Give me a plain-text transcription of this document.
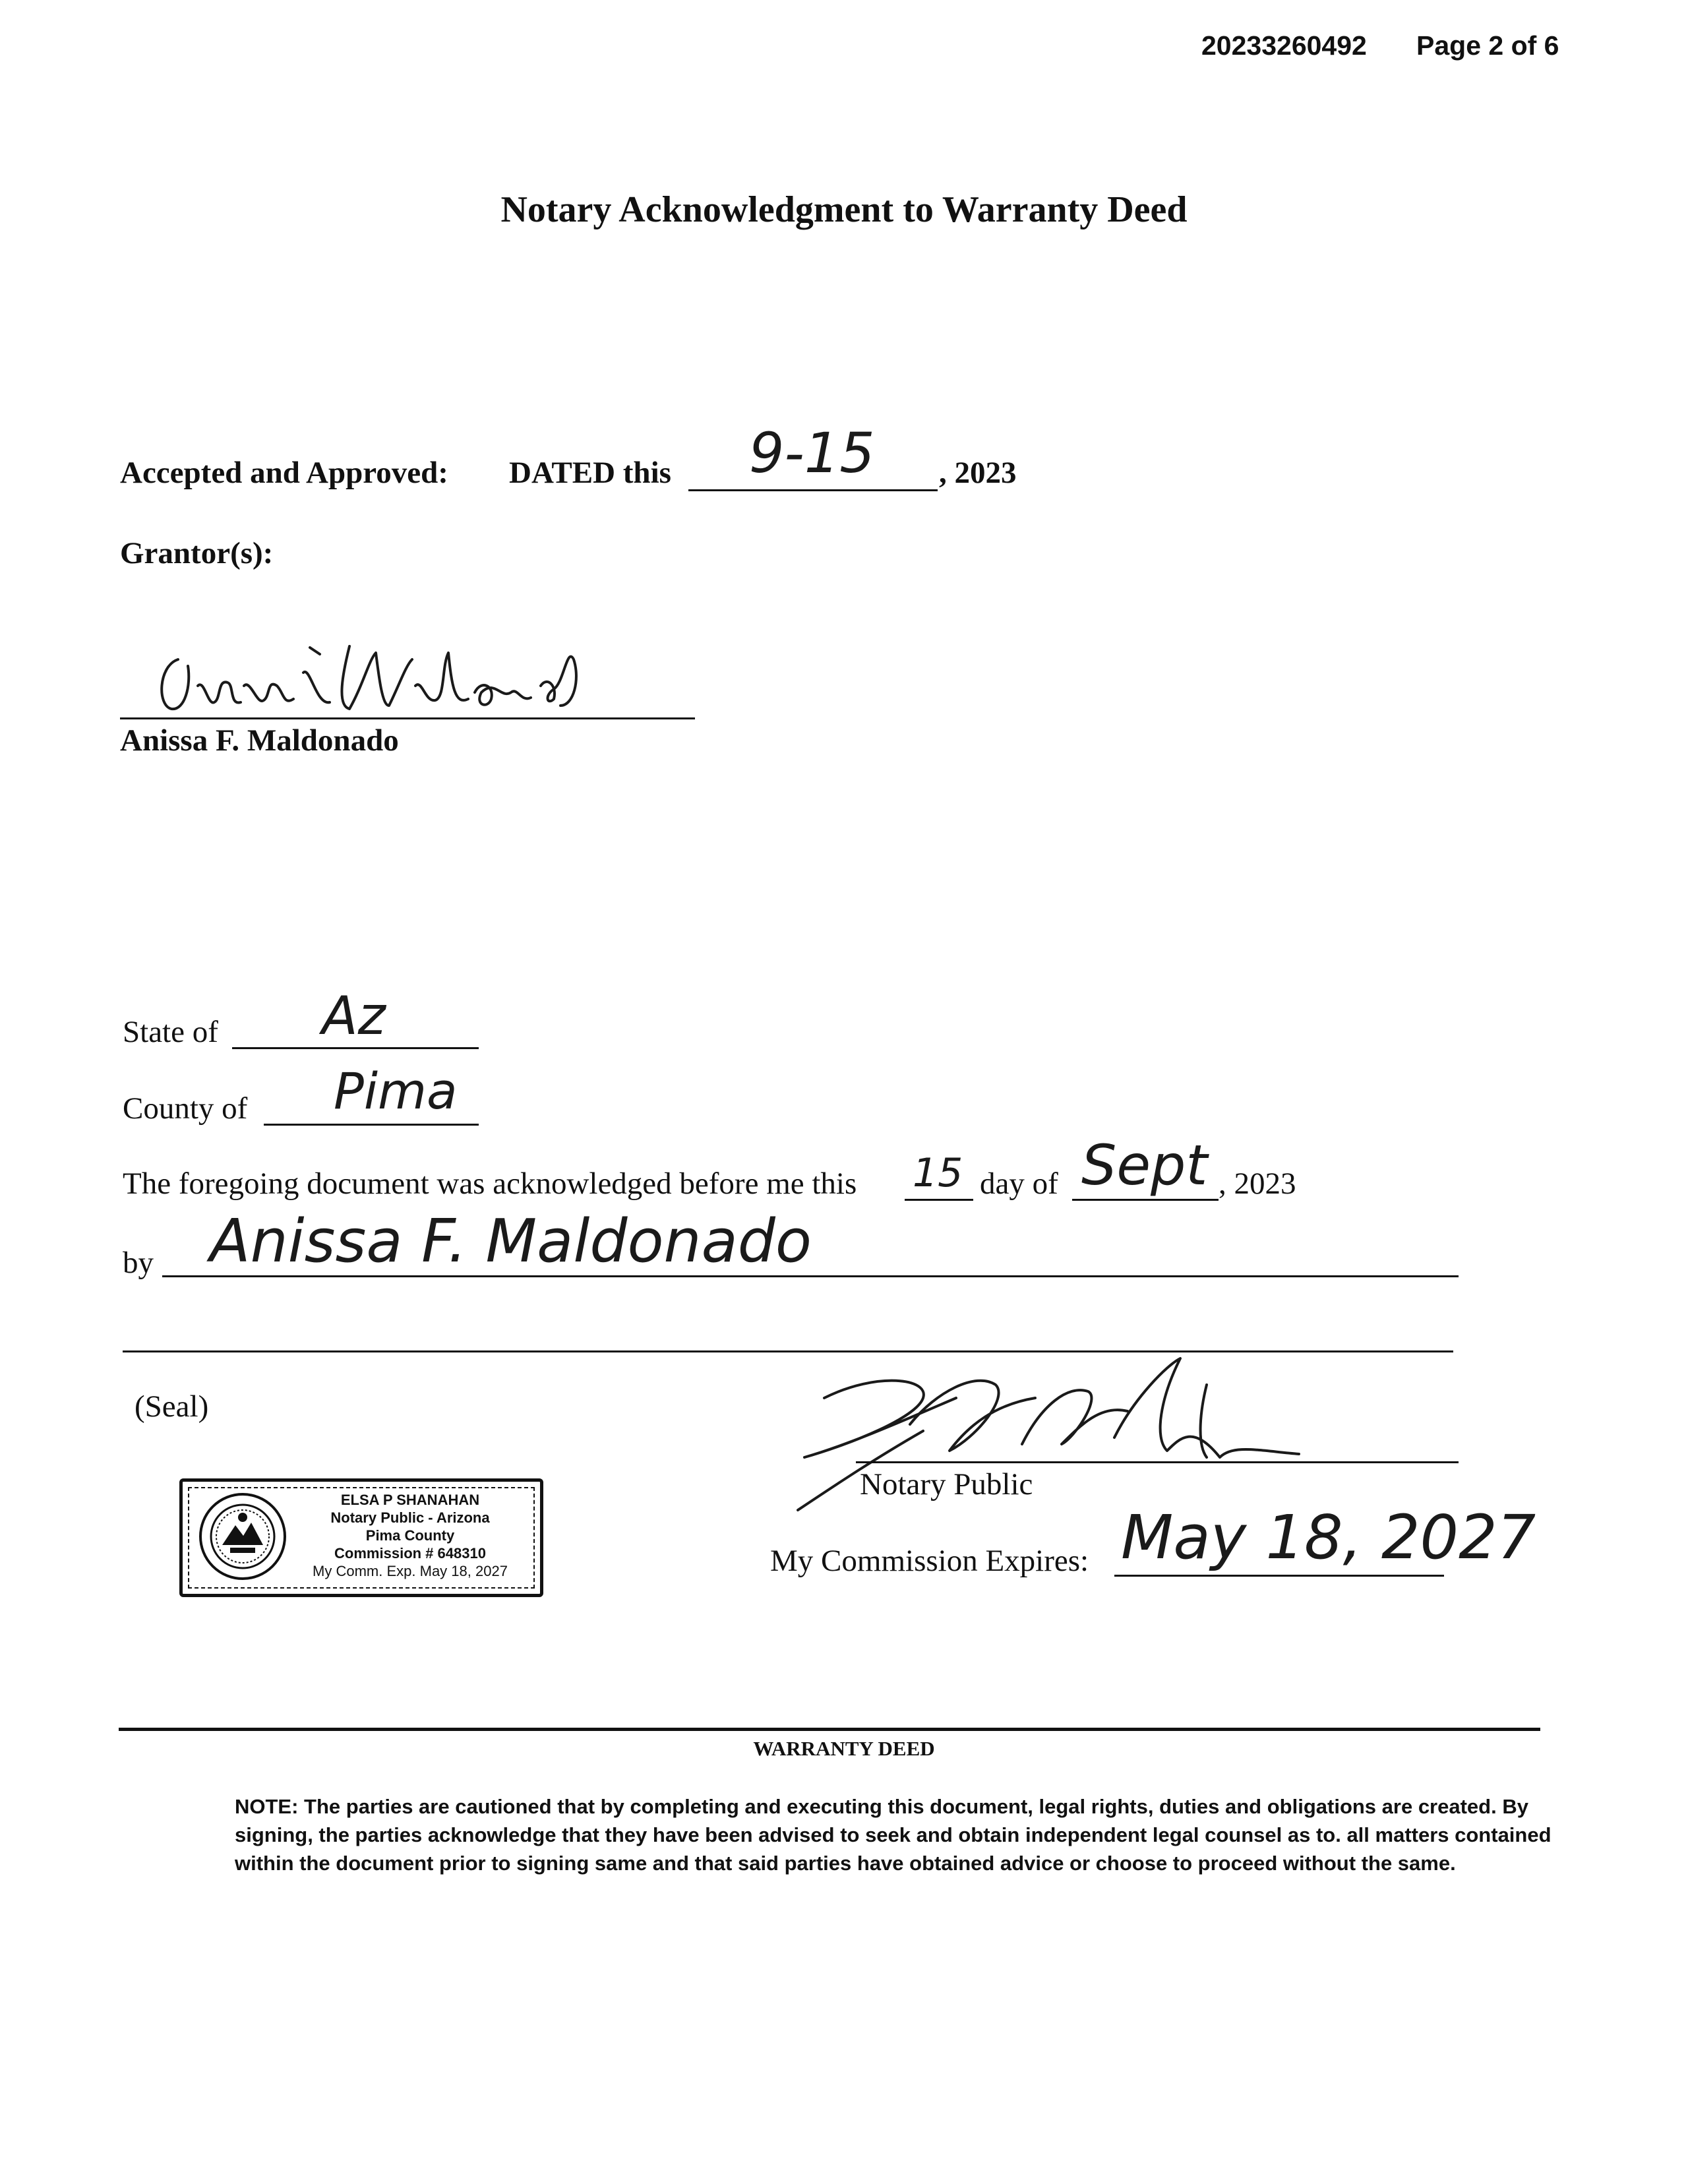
20233260492 Page 2 of 6
Notary Acknowledgment to Warranty Deed
Accepted and Approved: DATED this 9-15 , 2023
Grantor(s):
Anissa F. Maldonado
State of Az
County of Pima
The foregoing document was acknowledged before me this 15 day of Sept , 2023
by Anissa F. Maldonado
(Seal)
ELSA P SHANAHAN
Notary Public - Arizona
Pima County
Commission # 648310
My Comm. Exp. May 18, 2027
Notary Public
My Commission Expires: May 18, 2027
WARRANTY DEED
NOTE: The parties are cautioned that by completing and executing this document, legal rights, duties and obligations are created. By signing, the parties acknowledge that they have been advised to seek and obtain independent legal counsel as to. all matters contained within the document prior to signing same and that said parties have obtained advice or choose to proceed without the same.
